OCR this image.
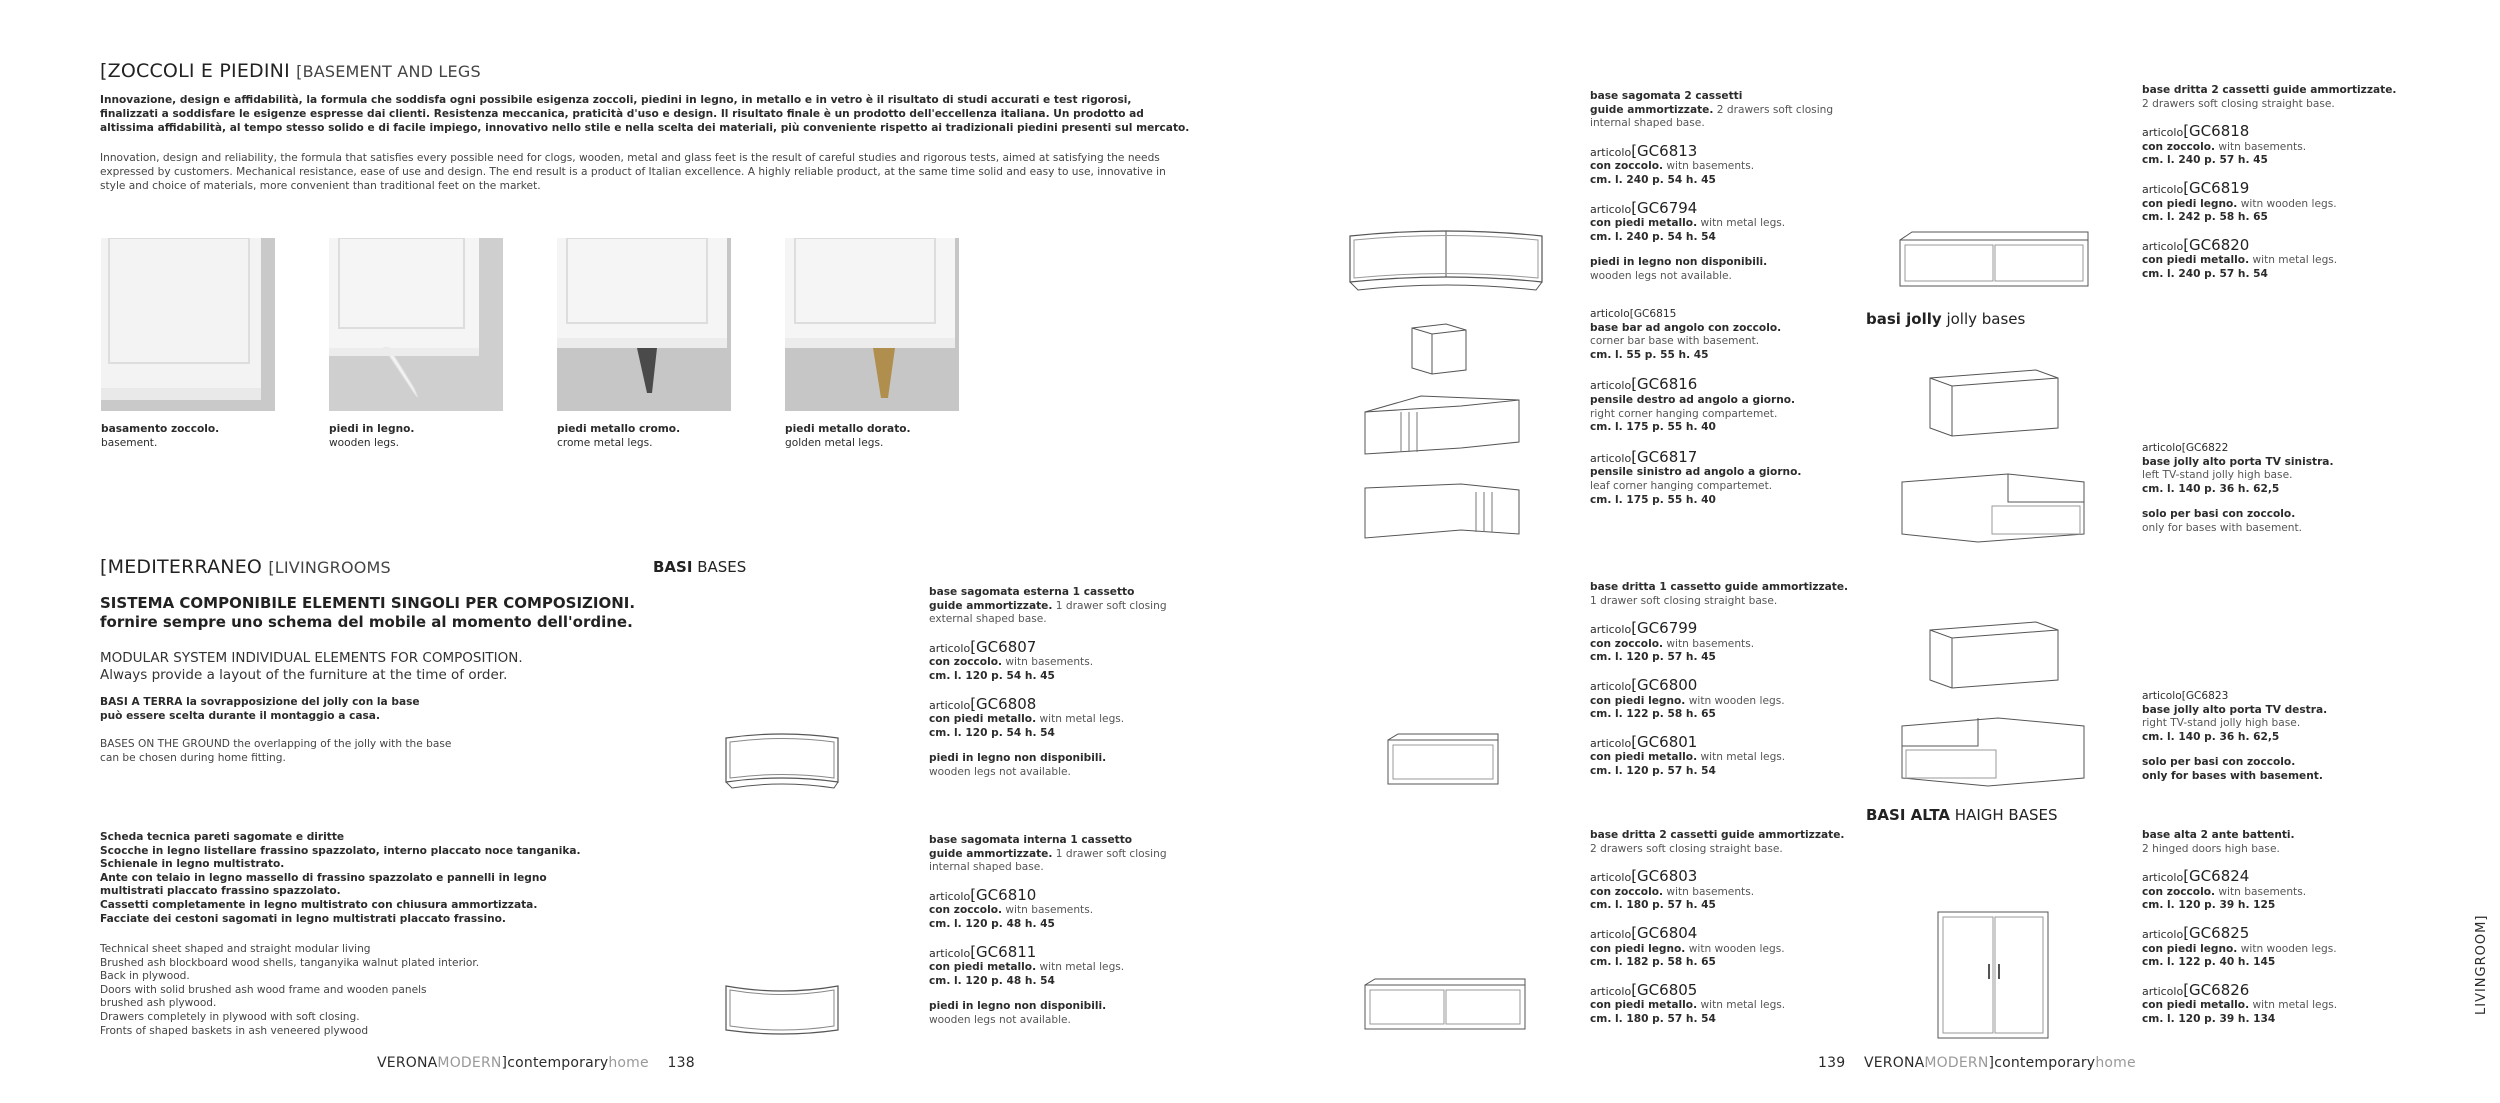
[ZOCCOLI E PIEDINI [BASEMENT AND LEGS
Innovazione, design e affidabilità, la formula che soddisfa ogni possibile esigenza zoccoli, piedini in legno, in metallo e in vetro è il risultato di studi accurati e test rigorosi, finalizzati a soddisfare le esigenze espresse dai clienti. Resistenza meccanica, praticità d'uso e design. Il risultato finale è un prodotto dell'eccellenza italiana. Un prodotto ad altissima affidabilità, al tempo stesso solido e di facile impiego, innovativo nello stile e nella scelta dei materiali, più conveniente rispetto ai tradizionali piedini presenti sul mercato.
Innovation, design and reliability, the formula that satisfies every possible need for clogs, wooden, metal and glass feet is the result of careful studies and rigorous tests, aimed at satisfying the needs expressed by customers. Mechanical resistance, ease of use and design. The end result is a product of Italian excellence. A highly reliable product, at the same time solid and easy to use, innovative in style and choice of materials, more convenient than traditional feet on the market.
basamento zoccolo.
basement.
piedi in legno.
wooden legs.
piedi metallo cromo.
crome metal legs.
piedi metallo dorato.
golden metal legs.
[MEDITERRANEO [LIVINGROOMS	BASI BASES
SISTEMA COMPONIBILE ELEMENTI SINGOLI PER COMPOSIZIONI.
fornire sempre uno schema del mobile al momento dell'ordine.
MODULAR SYSTEM INDIVIDUAL ELEMENTS FOR COMPOSITION.
Always provide a layout of the furniture at the time of order.
BASI A TERRA la sovrapposizione del jolly con la base
può essere scelta durante il montaggio a casa.
BASES ON THE GROUND the overlapping of the jolly with the base
can be chosen during home fitting.
Scheda tecnica pareti sagomate e diritte
Scocche in legno listellare frassino spazzolato, interno placcato noce tanganika.
Schienale in legno multistrato.
Ante con telaio in legno massello di frassino spazzolato e pannelli in legno
multistrati placcato frassino spazzolato.
Cassetti completamente in legno multistrato con chiusura ammortizzata.
Facciate dei cestoni sagomati in legno multistrati placcato frassino.
Technical sheet shaped and straight modular living
Brushed ash blockboard wood shells, tanganyika walnut plated interior.
Back in plywood.
Doors with solid brushed ash wood frame and wooden panels
brushed ash plywood.
Drawers completely in plywood with soft closing.
Fronts of shaped baskets in ash veneered plywood
base sagomata esterna 1 cassetto
guide ammortizzate. 1 drawer soft closing
external shaped base.
articolo[GC6807
con zoccolo. witn basements.
cm. l. 120 p. 54 h. 45
articolo[GC6808
con piedi metallo. witn metal legs.
cm. l. 120 p. 54 h. 54
piedi in legno non disponibili.
wooden legs not available.
base sagomata interna 1 cassetto
guide ammortizzate. 1 drawer soft closing
internal shaped base.
articolo[GC6810
con zoccolo. witn basements.
cm. l. 120 p. 48 h. 45
articolo[GC6811
con piedi metallo. witn metal legs.
cm. l. 120 p. 48 h. 54
piedi in legno non disponibili.
wooden legs not available.
VERONAMODERN]contemporaryhome 138
base sagomata 2 cassetti
guide ammortizzate. 2 drawers soft closing
internal shaped base.
articolo[GC6813
con zoccolo. witn basements.
cm. l. 240 p. 54 h. 45
articolo[GC6794
con piedi metallo. witn metal legs.
cm. l. 240 p. 54 h. 54
piedi in legno non disponibili.
wooden legs not available.
articolo[GC6815
base bar ad angolo con zoccolo.
corner bar base with basement.
cm. l. 55 p. 55 h. 45
articolo[GC6816
pensile destro ad angolo a giorno.
right corner hanging compartemet.
cm. l. 175 p. 55 h. 40
articolo[GC6817
pensile sinistro ad angolo a giorno.
leaf corner hanging compartemet.
cm. l. 175 p. 55 h. 40
base dritta 1 cassetto guide ammortizzate.
1 drawer soft closing straight base.
articolo[GC6799
con zoccolo. witn basements.
cm. l. 120 p. 57 h. 45
articolo[GC6800
con piedi legno. witn wooden legs.
cm. l. 122 p. 58 h. 65
articolo[GC6801
con piedi metallo. witn metal legs.
cm. l. 120 p. 57 h. 54
base dritta 2 cassetti guide ammortizzate.
2 drawers soft closing straight base.
articolo[GC6803
con zoccolo. witn basements.
cm. l. 180 p. 57 h. 45
articolo[GC6804
con piedi legno. witn wooden legs.
cm. l. 182 p. 58 h. 65
articolo[GC6805
con piedi metallo. witn metal legs.
cm. l. 180 p. 57 h. 54
base dritta 2 cassetti guide ammortizzate.
2 drawers soft closing straight base.
articolo[GC6818
con zoccolo. witn basements.
cm. l. 240 p. 57 h. 45
articolo[GC6819
con piedi legno. witn wooden legs.
cm. l. 242 p. 58 h. 65
articolo[GC6820
con piedi metallo. witn metal legs.
cm. l. 240 p. 57 h. 54
basi jolly jolly bases
articolo[GC6822
base jolly alto porta TV sinistra.
left TV-stand jolly high base.
cm. l. 140 p. 36 h. 62,5
solo per basi con zoccolo.
only for bases with basement.
articolo[GC6823
base jolly alto porta TV destra.
right TV-stand jolly high base.
cm. l. 140 p. 36 h. 62,5
solo per basi con zoccolo.
only for bases with basement.
BASI ALTA HAIGH BASES
base alta 2 ante battenti.
2 hinged doors high base.
articolo[GC6824
con zoccolo. witn basements.
cm. l. 120 p. 39 h. 125
articolo[GC6825
con piedi legno. witn wooden legs.
cm. l. 122 p. 40 h. 145
articolo[GC6826
con piedi metallo. witn metal legs.
cm. l. 120 p. 39 h. 134
139 VERONAMODERN]contemporaryhome
LIVINGROOM]
